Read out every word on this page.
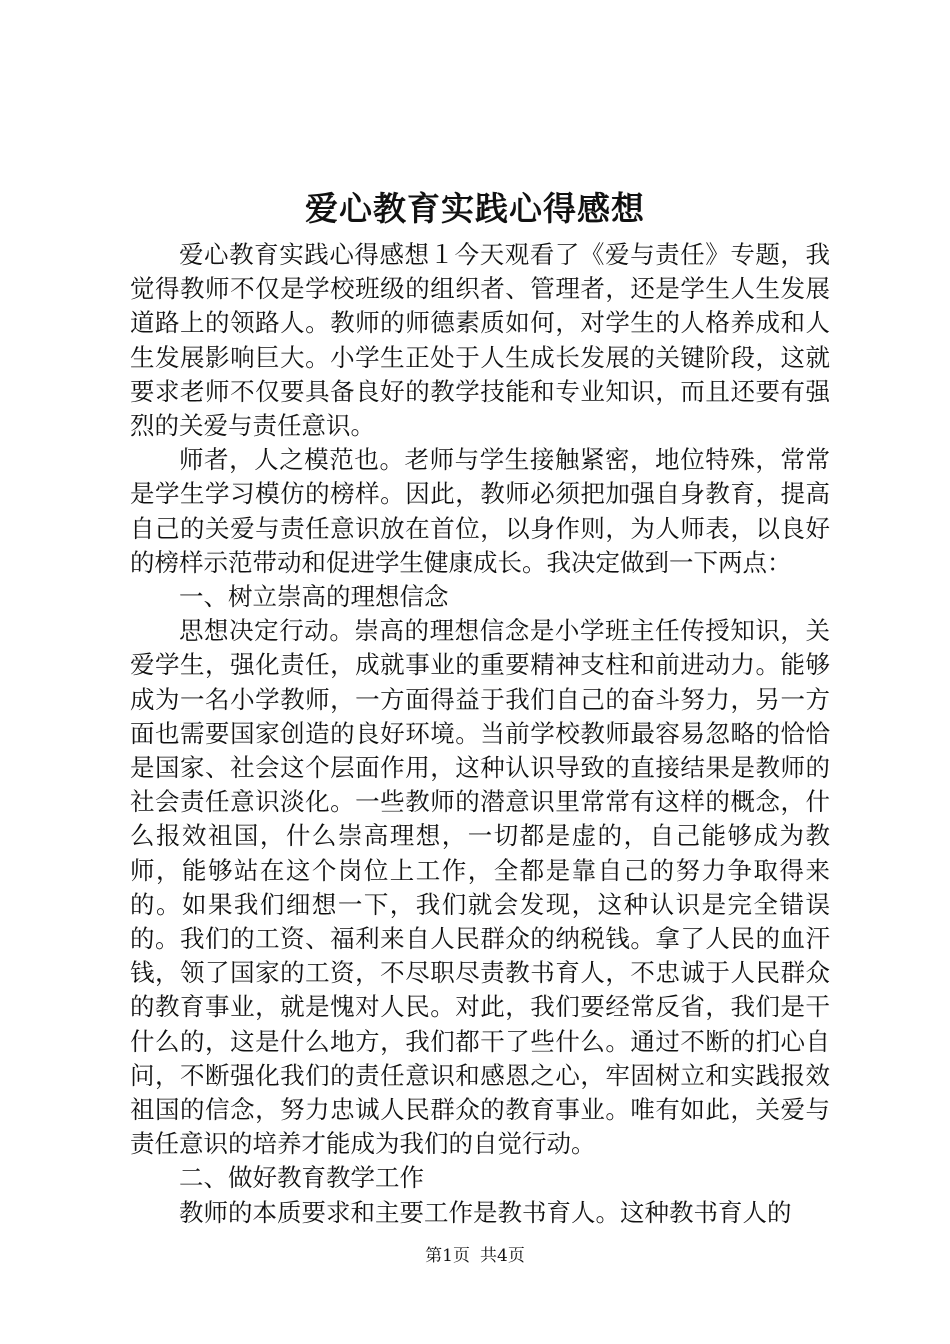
爱心教育实践心得感想

爱心教育实践心得感想１今天观看了《爱与责任》专题，我觉得教师不仅是学校班级的组织者、管理者，还是学生人生发展道路上的领路人。教师的师德素质如何，对学生的人格养成和人生发展影响巨大。小学生正处于人生成长发展的关键阶段，这就要求老师不仅要具备良好的教学技能和专业知识，而且还要有强烈的关爱与责任意识。

师者，人之模范也。老师与学生接触紧密，地位特殊，常常是学生学习模仿的榜样。因此，教师必须把加强自身教育，提高自己的关爱与责任意识放在首位，以身作则，为人师表，以良好的榜样示范带动和促进学生健康成长。我决定做到一下两点：

一、树立崇高的理想信念

思想决定行动。崇高的理想信念是小学班主任传授知识，关爱学生，强化责任，成就事业的重要精神支柱和前进动力。能够成为一名小学教师，一方面得益于我们自己的奋斗努力，另一方面也需要国家创造的良好环境。当前学校教师最容易忽略的恰恰是国家、社会这个层面作用，这种认识导致的直接结果是教师的社会责任意识淡化。一些教师的潜意识里常常有这样的概念，什么报效祖国，什么崇高理想，一切都是虚的，自己能够成为教师，能够站在这个岗位上工作，全都是靠自己的努力争取得来的。如果我们细想一下，我们就会发现，这种认识是完全错误的。我们的工资、福利来自人民群众的纳税钱。拿了人民的血汗钱，领了国家的工资，不尽职尽责教书育人，不忠诚于人民群众的教育事业，就是愧对人民。对此，我们要经常反省，我们是干什么的，这是什么地方，我们都干了些什么。通过不断的扪心自问，不断强化我们的责任意识和感恩之心，牢固树立和实践报效祖国的信念，努力忠诚人民群众的教育事业。唯有如此，关爱与责任意识的培养才能成为我们的自觉行动。

二、做好教育教学工作

教师的本质要求和主要工作是教书育人。这种教书育人的

第1页 共4页
